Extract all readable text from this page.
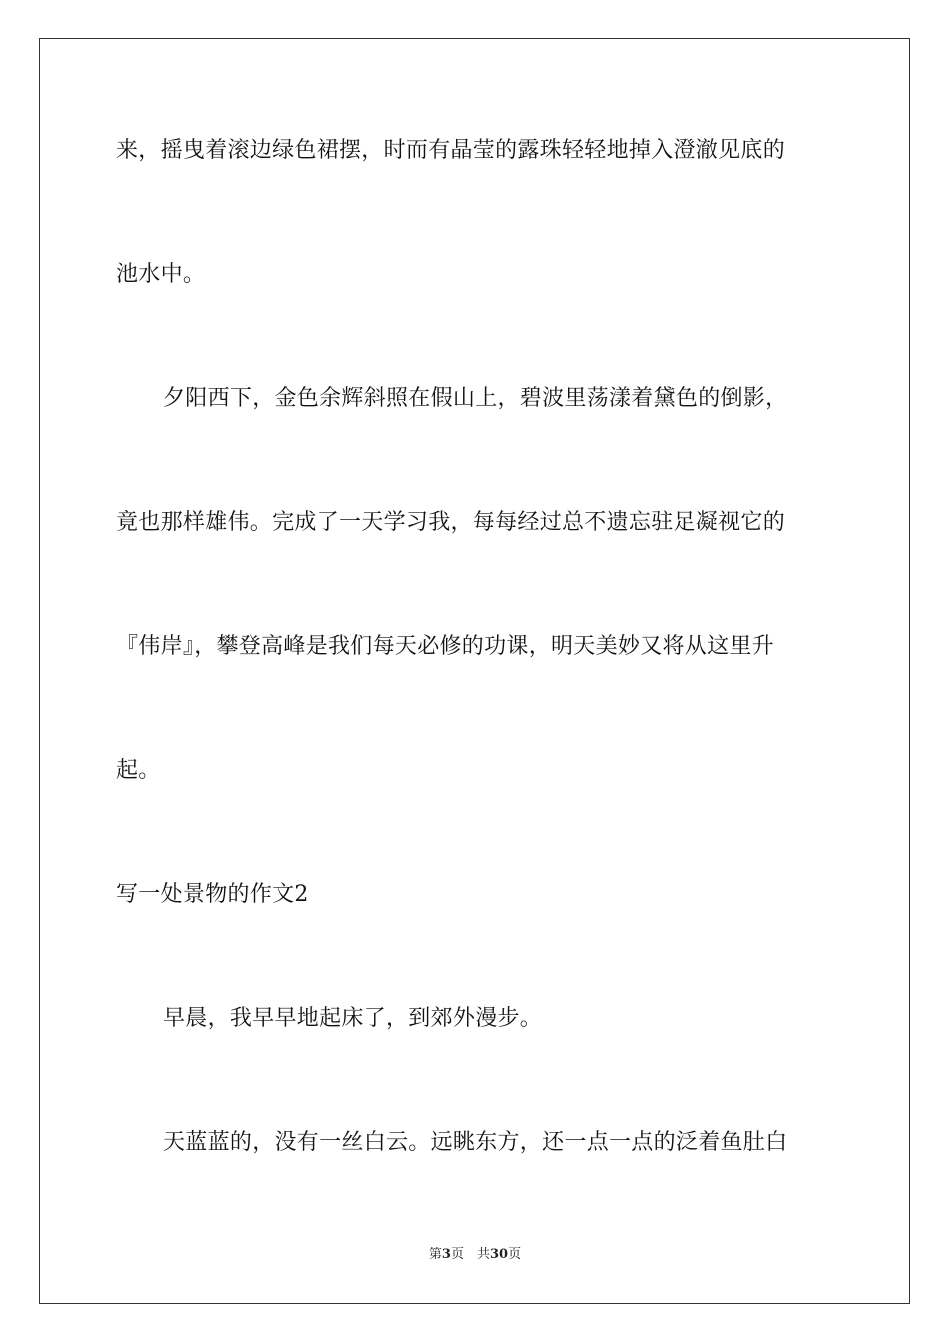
来，摇曳着滚边绿色裙摆，时而有晶莹的露珠轻轻地掉入澄澈见底的
池水中。
夕阳西下，金色余辉斜照在假山上，碧波里荡漾着黛色的倒影，
竟也那样雄伟。完成了一天学习我，每每经过总不遗忘驻足凝视它的
『伟岸』，攀登高峰是我们每天必修的功课，明天美妙又将从这里升
起。
写一处景物的作文2
早晨，我早早地起床了，到郊外漫步。
天蓝蓝的，没有一丝白云。远眺东方，还一点一点的泛着鱼肚白
第3页　共30页
